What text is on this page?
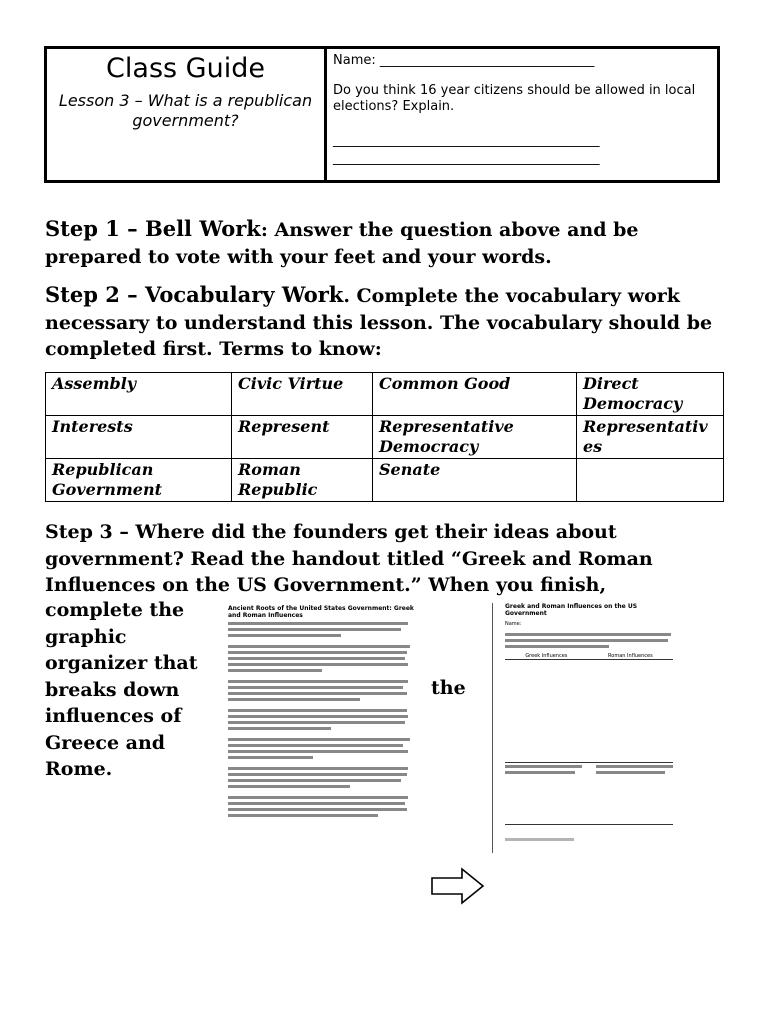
Class Guide
Lesson 3 – What is a republican government?
Name: _________________________________
Do you think 16 year citizens should be allowed in local elections? Explain.
_________________________________________
_________________________________________
Step 1 – Bell Work: Answer the question above and be prepared to vote with your feet and your words.
Step 2 – Vocabulary Work. Complete the vocabulary work necessary to understand this lesson. The vocabulary should be completed first. Terms to know:
Assembly	Civic Virtue	Common Good	Direct Democracy
Interests	Represent	Representative Democracy	Representatives
Republican Government	Roman Republic	Senate	
Step 3 – Where did the founders get their ideas about government? Read the handout titled “Greek and Roman Influences on the US Government.” When you finish,
complete the graphic organizer that breaks down influences of Greece and Rome.
the
Ancient Roots of the United States Government: Greek and Roman Influences
Greek and Roman Influences on the US Government
Name:
Greek Influences	Roman Influences
